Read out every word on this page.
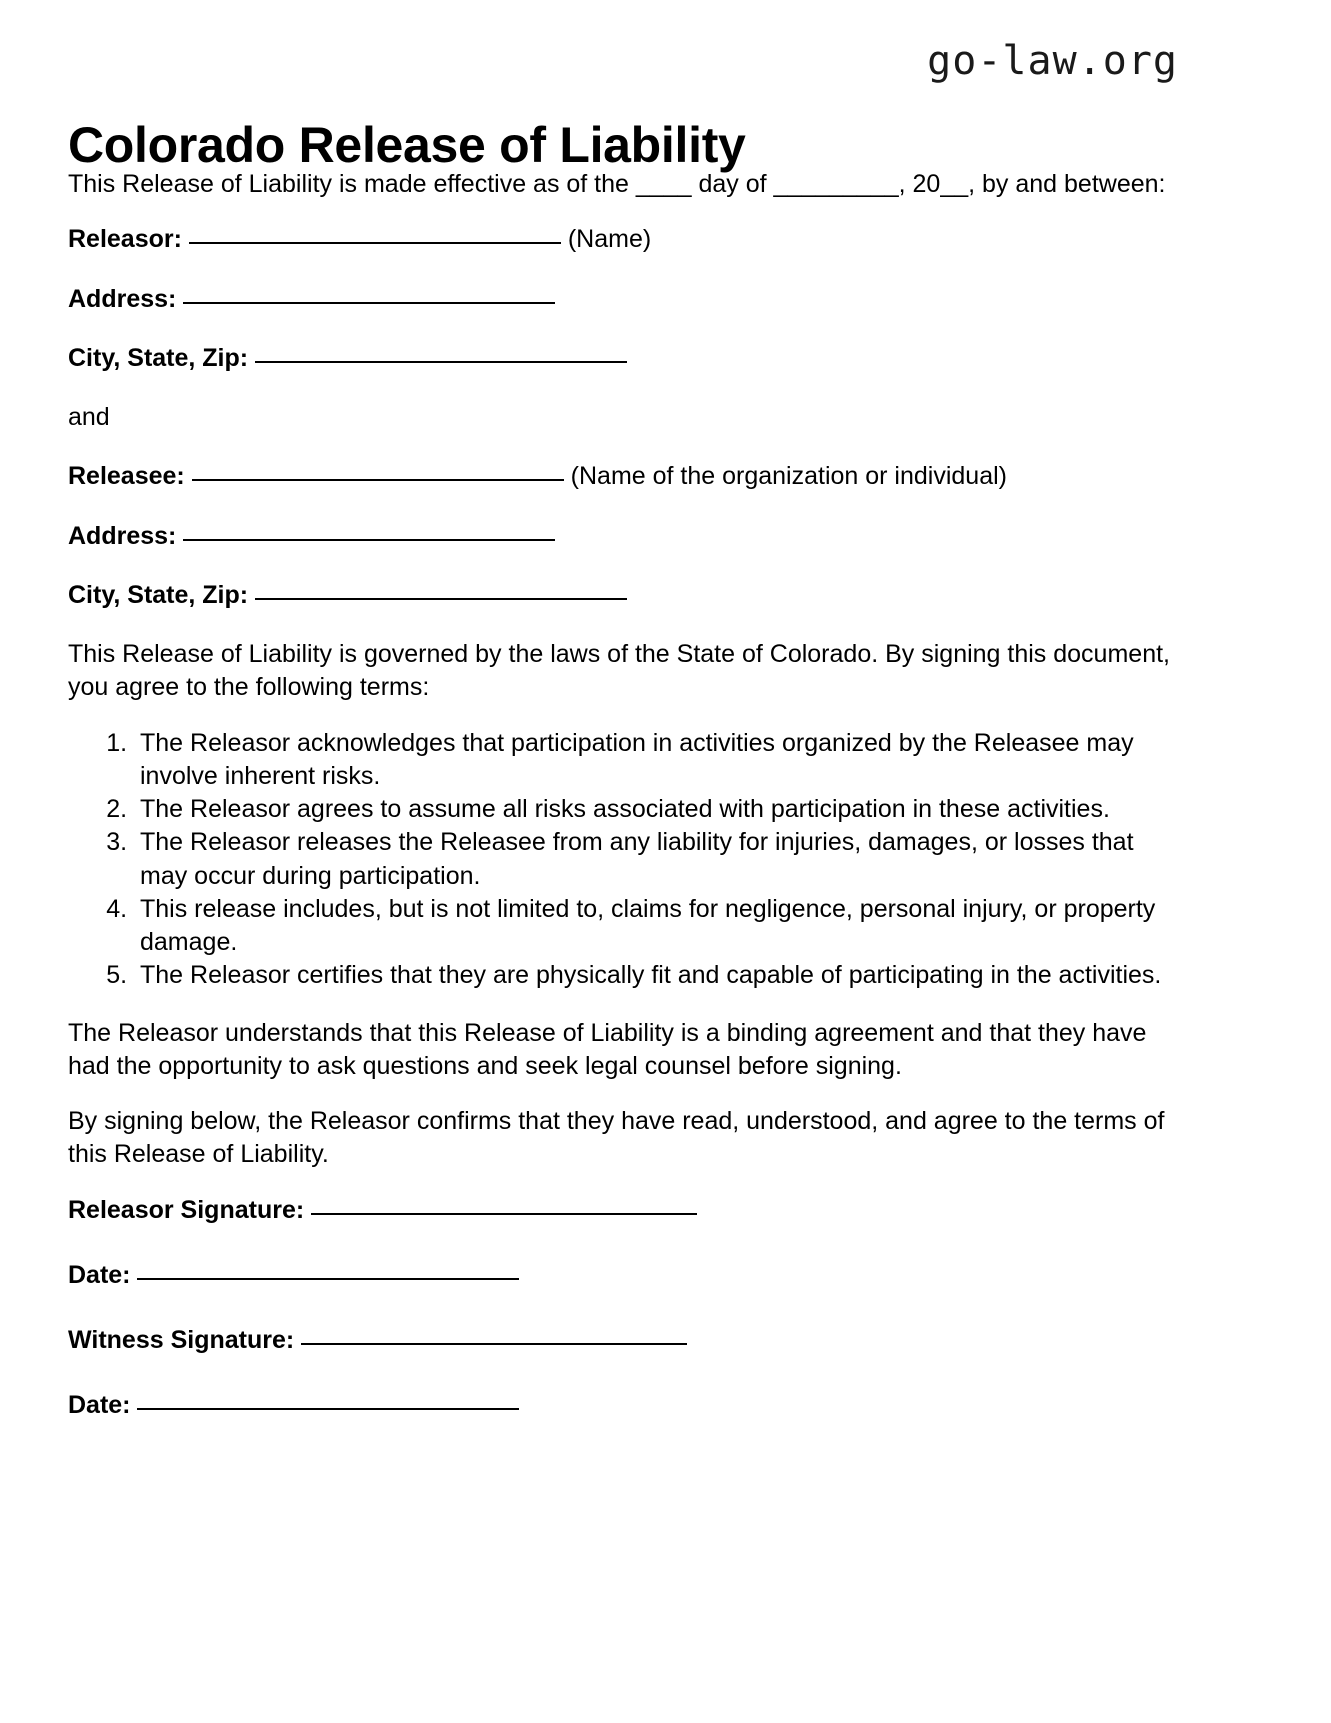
go-law.org
Colorado Release of Liability

This Release of Liability is made effective as of the ____ day of _________, 20__, by and between:

Releasor:	(Name)
Address:
City, State, Zip:
and
Releasee:	(Name of the organization or individual)
Address:
City, State, Zip:

This Release of Liability is governed by the laws of the State of Colorado. By signing this document, you agree to the following terms:

1. The Releasor acknowledges that participation in activities organized by the Releasee may involve inherent risks.
2. The Releasor agrees to assume all risks associated with participation in these activities.
3. The Releasor releases the Releasee from any liability for injuries, damages, or losses that may occur during participation.
4. This release includes, but is not limited to, claims for negligence, personal injury, or property damage.
5. The Releasor certifies that they are physically fit and capable of participating in the activities.

The Releasor understands that this Release of Liability is a binding agreement and that they have had the opportunity to ask questions and seek legal counsel before signing.

By signing below, the Releasor confirms that they have read, understood, and agree to the terms of this Release of Liability.

Releasor Signature:
Date:
Witness Signature:
Date:
